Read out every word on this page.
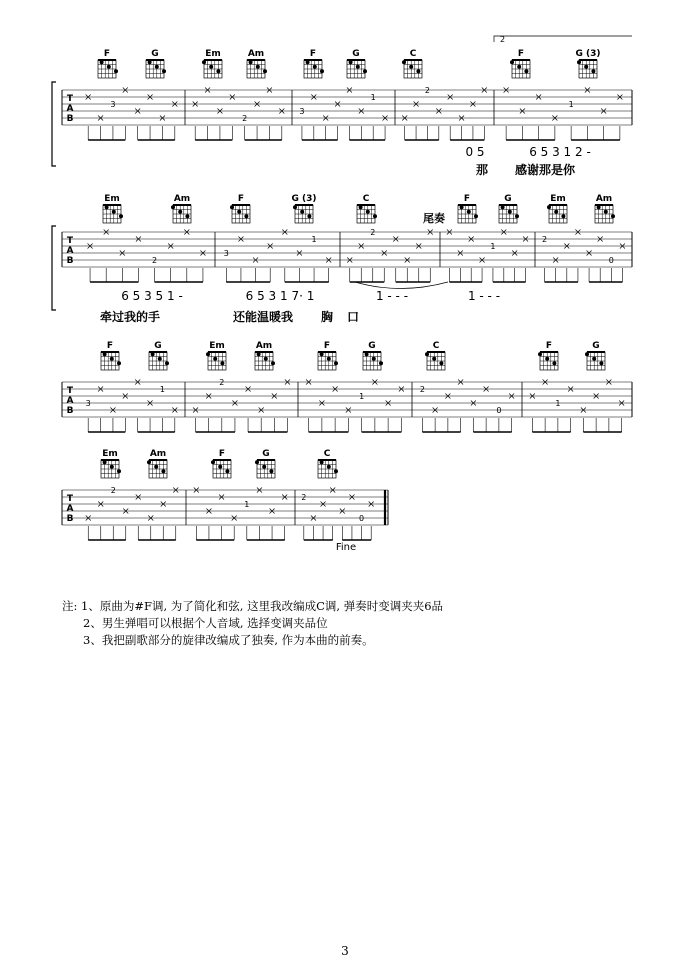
T
A
B
F	G	Em	Am	F	G	C	F	G (3)
2
3
2
3
1
2
1
0 5	6 5 3 1 2 -
那 感谢那是你
T
A
B
Em	Am	F	G (3)	C	F	G	Em	Am
尾奏
2
3
1
2
1
2
0
6 5 3 5 1 -	6 5 3 1 7· 1	1 - - -	1 - - -
牵过我的手	还能温暖我 胸 口
T
A
B
F	G	Em	Am	F	G	C	F	G
3
1
2
1
2
0
1
T
A
B
Em	Am	F	G	C
2
1
2
0
Fine
注: 1、原曲为#F调, 为了简化和弦, 这里我改编成C调, 弹奏时变调夹夹6品
2、男生弹唱可以根据个人音域, 选择变调夹品位
3、我把副歌部分的旋律改编成了独奏, 作为本曲的前奏。
3
